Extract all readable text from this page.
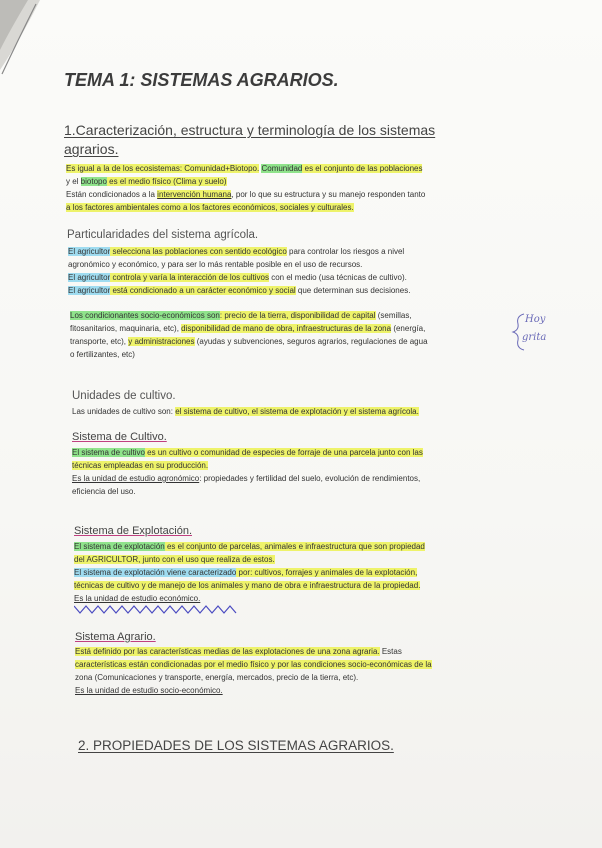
TEMA 1: SISTEMAS AGRARIOS.
1.Caracterización, estructura y terminología de los sistemas
agrarios.
Es igual a la de los ecosistemas: Comunidad+Biotopo. Comunidad es el conjunto de las poblaciones
y el biotopo es el medio físico (Clima y suelo)
Están condicionados a la intervención humana, por lo que su estructura y su manejo responden tanto
a los factores ambientales como a los factores económicos, sociales y culturales.
Particularidades del sistema agrícola.
El agricultor selecciona las poblaciones con sentido ecológico para controlar los riesgos a nivel
agronómico y económico, y para ser lo más rentable posible en el uso de recursos.
El agricultor controla y varía la interacción de los cultivos con el medio (usa técnicas de cultivo).
El agricultor está condicionado a un carácter económico y social que determinan sus decisiones.
Los condicionantes socio-económicos son: precio de la tierra, disponibilidad de capital (semillas,
fitosanitarios, maquinaria, etc), disponibilidad de mano de obra, infraestructuras de la zona (energía,
transporte, etc), y administraciones (ayudas y subvenciones, seguros agrarios, regulaciones de agua
o fertilizantes, etc)
Hoy
grita
Unidades de cultivo.
Las unidades de cultivo son: el sistema de cultivo, el sistema de explotación y el sistema agrícola.
Sistema de Cultivo.
El sistema de cultivo es un cultivo o comunidad de especies de forraje de una parcela junto con las
técnicas empleadas en su producción.
Es la unidad de estudio agronómico: propiedades y fertilidad del suelo, evolución de rendimientos,
eficiencia del uso.
Sistema de Explotación.
El sistema de explotación es el conjunto de parcelas, animales e infraestructura que son propiedad
del AGRICULTOR, junto con el uso que realiza de estos.
El sistema de explotación viene caracterizado por: cultivos, forrajes y animales de la explotación,
técnicas de cultivo y de manejo de los animales y mano de obra e infraestructura de la propiedad.
Es la unidad de estudio económico.
Sistema Agrario.
Está definido por las características medias de las explotaciones de una zona agraria. Estas
características están condicionadas por el medio físico y por las condiciones socio-económicas de la
zona (Comunicaciones y transporte, energía, mercados, precio de la tierra, etc).
Es la unidad de estudio socio-económico.
2. PROPIEDADES DE LOS SISTEMAS AGRARIOS.
